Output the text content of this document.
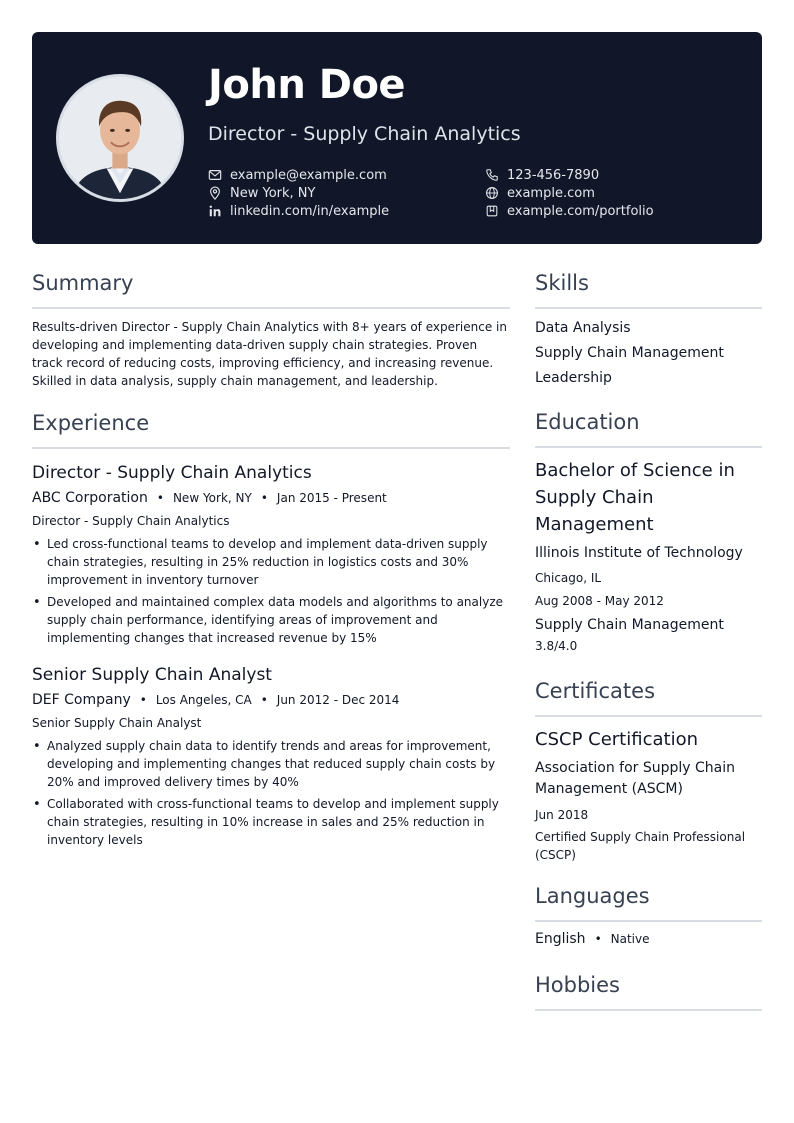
John Doe
Director - Supply Chain Analytics
example@example.com
New York, NY
linkedin.com/in/example
123-456-7890
example.com
example.com/portfolio
Summary

Results-driven Director - Supply Chain Analytics with 8+ years of experience in developing and implementing data-driven supply chain strategies. Proven track record of reducing costs, improving efficiency, and increasing revenue. Skilled in data analysis, supply chain management, and leadership.

Experience
Director - Supply Chain Analytics
ABC Corporation • New York, NY • Jan 2015 - Present
Director - Supply Chain Analytics
• Led cross-functional teams to develop and implement data-driven supply chain strategies, resulting in 25% reduction in logistics costs and 30% improvement in inventory turnover
• Developed and maintained complex data models and algorithms to analyze supply chain performance, identifying areas of improvement and implementing changes that increased revenue by 15%
Senior Supply Chain Analyst
DEF Company • Los Angeles, CA • Jun 2012 - Dec 2014
Senior Supply Chain Analyst
• Analyzed supply chain data to identify trends and areas for improvement, developing and implementing changes that reduced supply chain costs by 20% and improved delivery times by 40%
• Collaborated with cross-functional teams to develop and implement supply chain strategies, resulting in 10% increase in sales and 25% reduction in inventory levels
Skills
Data Analysis
Supply Chain Management
Leadership
Education
Bachelor of Science in Supply Chain Management
Illinois Institute of Technology
Chicago, IL
Aug 2008 - May 2012
Supply Chain Management
3.8/4.0
Certificates
CSCP Certification
Association for Supply Chain Management (ASCM)
Jun 2018
Certified Supply Chain Professional (CSCP)
Languages
English • Native
Hobbies
